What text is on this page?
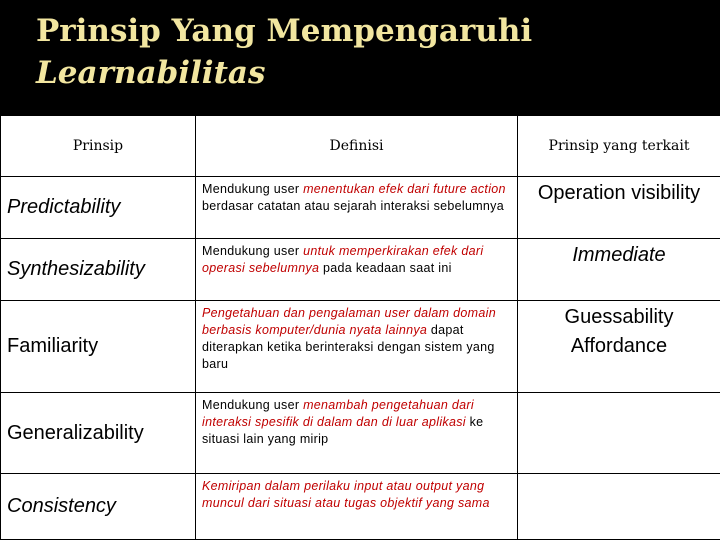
Prinsip Yang Mempengaruhi
Learnabilitas
Prinsip	Definisi	Prinsip yang terkait
Predictability	Mendukung user menentukan efek dari future action berdasar catatan atau sejarah interaksi sebelumnya	Operation visibility
Synthesizability	Mendukung user untuk memperkirakan efek dari operasi sebelumnya pada keadaan saat ini	Immediate
Familiarity	Pengetahuan dan pengalaman user dalam domain berbasis komputer/dunia nyata lainnya dapat diterapkan ketika berinteraksi dengan sistem yang baru	Guessability Affordance
Generalizability	Mendukung user menambah pengetahuan dari interaksi spesifik di dalam dan di luar aplikasi ke situasi lain yang mirip	
Consistency	Kemiripan dalam perilaku input atau output yang muncul dari situasi atau tugas objektif yang sama	
